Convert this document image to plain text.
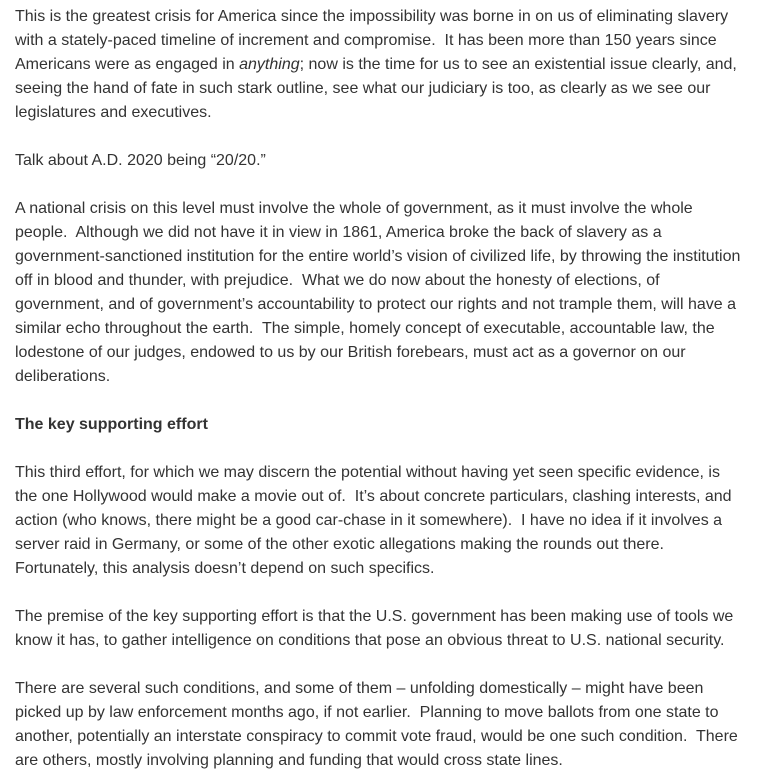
This is the greatest crisis for America since the impossibility was borne in on us of eliminating slavery with a stately-paced timeline of increment and compromise.  It has been more than 150 years since Americans were as engaged in anything; now is the time for us to see an existential issue clearly, and, seeing the hand of fate in such stark outline, see what our judiciary is too, as clearly as we see our legislatures and executives.

Talk about A.D. 2020 being “20/20.”

A national crisis on this level must involve the whole of government, as it must involve the whole people.  Although we did not have it in view in 1861, America broke the back of slavery as a government-sanctioned institution for the entire world’s vision of civilized life, by throwing the institution off in blood and thunder, with prejudice.  What we do now about the honesty of elections, of government, and of government’s accountability to protect our rights and not trample them, will have a similar echo throughout the earth.  The simple, homely concept of executable, accountable law, the lodestone of our judges, endowed to us by our British forebears, must act as a governor on our deliberations.

The key supporting effort

This third effort, for which we may discern the potential without having yet seen specific evidence, is the one Hollywood would make a movie out of.  It’s about concrete particulars, clashing interests, and action (who knows, there might be a good car-chase in it somewhere).  I have no idea if it involves a server raid in Germany, or some of the other exotic allegations making the rounds out there.  Fortunately, this analysis doesn’t depend on such specifics.

The premise of the key supporting effort is that the U.S. government has been making use of tools we know it has, to gather intelligence on conditions that pose an obvious threat to U.S. national security.

There are several such conditions, and some of them – unfolding domestically – might have been picked up by law enforcement months ago, if not earlier.  Planning to move ballots from one state to another, potentially an interstate conspiracy to commit vote fraud, would be one such condition.  There are others, mostly involving planning and funding that would cross state lines.
